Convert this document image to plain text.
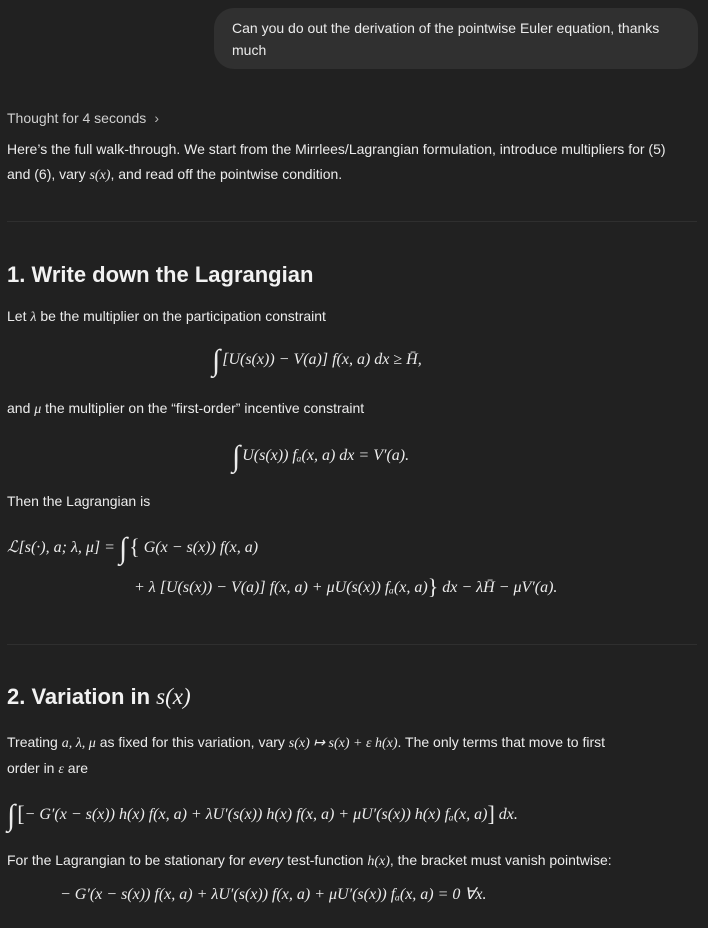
Can you do out the derivation of the pointwise Euler equation, thanks much
Thought for 4 seconds ›
Here’s the full walk-through. We start from the Mirrlees/Lagrangian formulation, introduce multipliers for (5)
and (6), vary s(x), and read off the pointwise condition.
1. Write down the Lagrangian
Let λ be the multiplier on the participation constraint
∫ [U(s(x)) − V(a)] f(x, a) dx ≥ H̄,
and μ the multiplier on the “first-order” incentive constraint
∫ U(s(x)) fₐ(x, a) dx = V′(a).
Then the Lagrangian is
ℒ[s(·), a; λ, μ] = ∫{ G(x − s(x)) f(x, a)
+ λ [U(s(x)) − V(a)] f(x, a) + μU(s(x)) fₐ(x, a)} dx − λH̄ − μV′(a).
2. Variation in s(x)
Treating a, λ, μ as fixed for this variation, vary s(x) ↦ s(x) + ε h(x). The only terms that move to first
order in ε are
∫[− G′(x − s(x)) h(x) f(x, a) + λU′(s(x)) h(x) f(x, a) + μU′(s(x)) h(x) fₐ(x, a)] dx.
For the Lagrangian to be stationary for every test-function h(x), the bracket must vanish pointwise:
− G′(x − s(x)) f(x, a) + λU′(s(x)) f(x, a) + μU′(s(x)) fₐ(x, a) = 0 ∀x.
